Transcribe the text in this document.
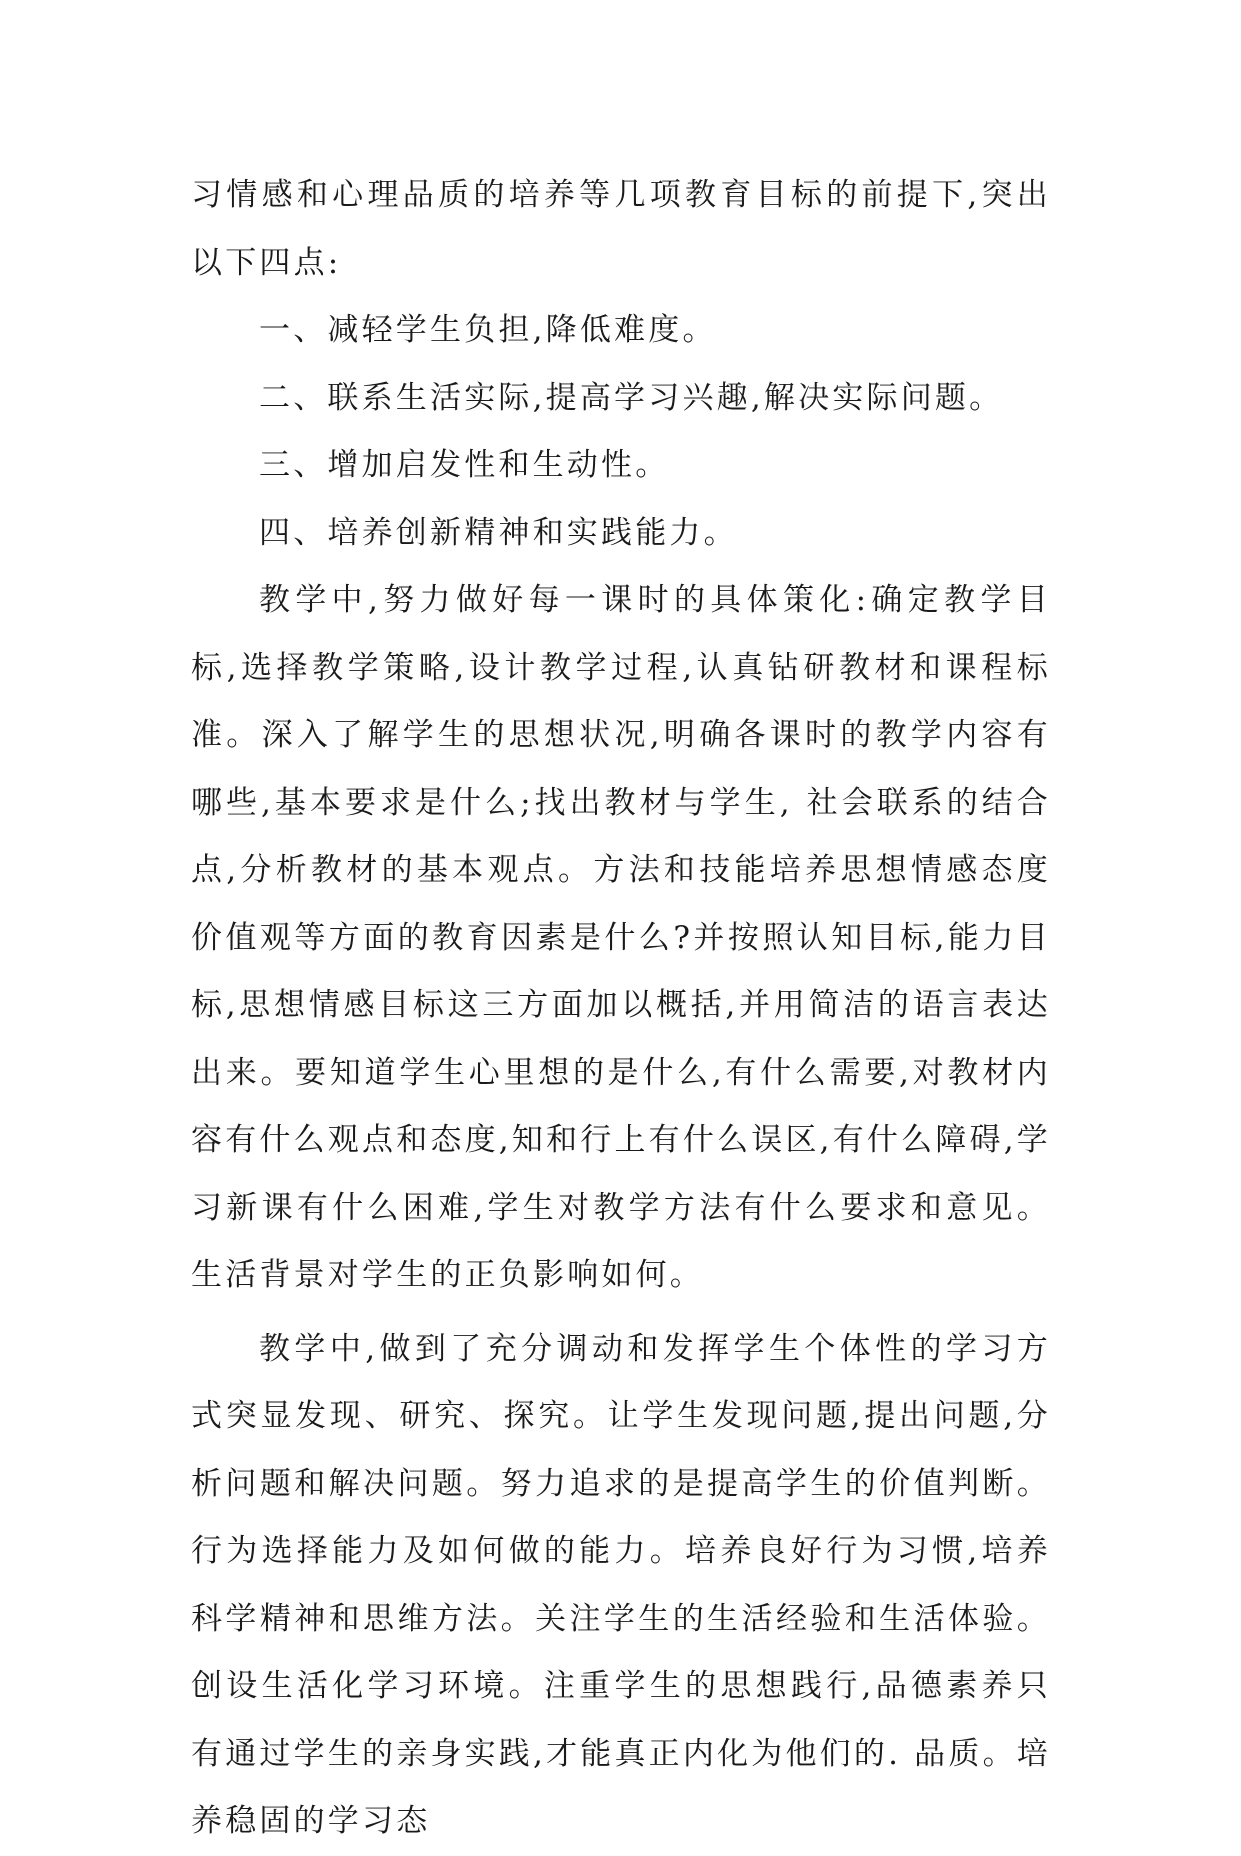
习情感和心理品质的培养等几项教育目标的前提下,突出以下四点:

一、减轻学生负担,降低难度。

二、联系生活实际,提高学习兴趣,解决实际问题。

三、增加启发性和生动性。

四、培养创新精神和实践能力。

教学中,努力做好每一课时的具体策化:确定教学目标,选择教学策略,设计教学过程,认真钻研教材和课程标准。深入了解学生的思想状况,明确各课时的教学内容有哪些,基本要求是什么;找出教材与学生, 社会联系的结合点,分析教材的基本观点。方法和技能培养思想情感态度价值观等方面的教育因素是什么?并按照认知目标,能力目标,思想情感目标这三方面加以概括,并用简洁的语言表达出来。要知道学生心里想的是什么,有什么需要,对教材内容有什么观点和态度,知和行上有什么误区,有什么障碍,学习新课有什么困难,学生对教学方法有什么要求和意见。生活背景对学生的正负影响如何。

教学中,做到了充分调动和发挥学生个体性的学习方式突显发现、研究、探究。让学生发现问题,提出问题,分析问题和解决问题。努力追求的是提高学生的价值判断。行为选择能力及如何做的能力。培养良好行为习惯,培养科学精神和思维方法。关注学生的生活经验和生活体验。创设生活化学习环境。注重学生的思想践行,品德素养只有通过学生的亲身实践,才能真正内化为他们的. 品质。培养稳固的学习态
